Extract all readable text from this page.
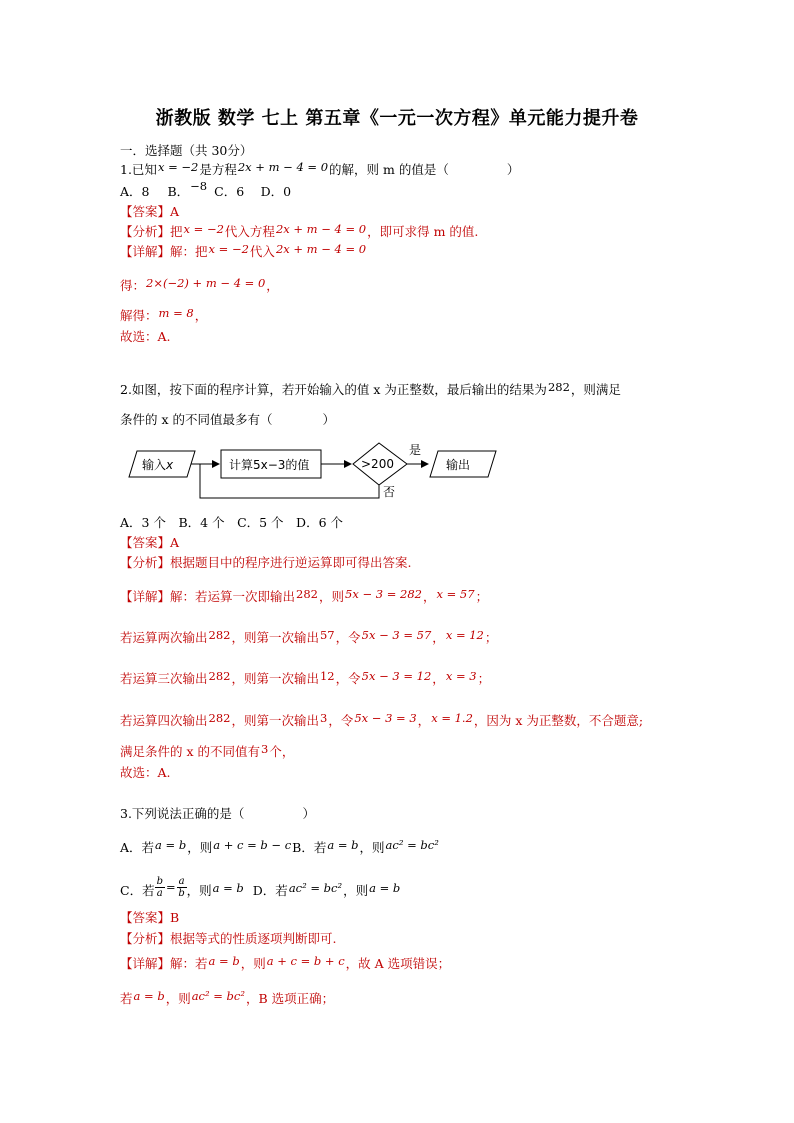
浙教版 数学 七上 第五章《一元一次方程》单元能力提升卷
一．选择题（共 30分）
1.已知x = −2是方程2x + m − 4 = 0的解，则 m 的值是（	）
A．8 B．−8 C．6　 D．0
【答案】A
【分析】把x = −2代入方程2x + m − 4 = 0，即可求得 m 的值.
【详解】解：把x = −2代入2x + m − 4 = 0
得：2×(−2) + m − 4 = 0，
解得：m = 8，
故选：A.
2.如图，按下面的程序计算，若开始输入的值 x 为正整数，最后输出的结果为282，则满足
条件的 x 的不同值最多有（	）
输入x	计算5x−3的值	>200
是
输出
否
A．3 个　B．4 个　C．5 个　D．6 个
【答案】A
【分析】根据题目中的程序进行逆运算即可得出答案.
【详解】解：若运算一次即输出282，则5x − 3 = 282，x = 57；
若运算两次输出282，则第一次输出57，令5x − 3 = 57，x = 12；
若运算三次输出282，则第一次输出12，令5x − 3 = 12，x = 3；
若运算四次输出282，则第一次输出3，令5x − 3 = 3，x = 1.2，因为 x 为正整数，不合题意;
满足条件的 x 的不同值有3个，
故选：A.
3.下列说法正确的是（	）
A．若a = b，则a + c = b − cB．若a = b，则ac² = bc²
C．若 $\frac{b}{a} = \frac{a}{b}$ ，则a = b D．若ac² = bc²，则a = b
【答案】B
【分析】根据等式的性质逐项判断即可.
【详解】解：若a = b，则a + c = b + c，故 A 选项错误；
若a = b，则ac² = bc²，B 选项正确；
